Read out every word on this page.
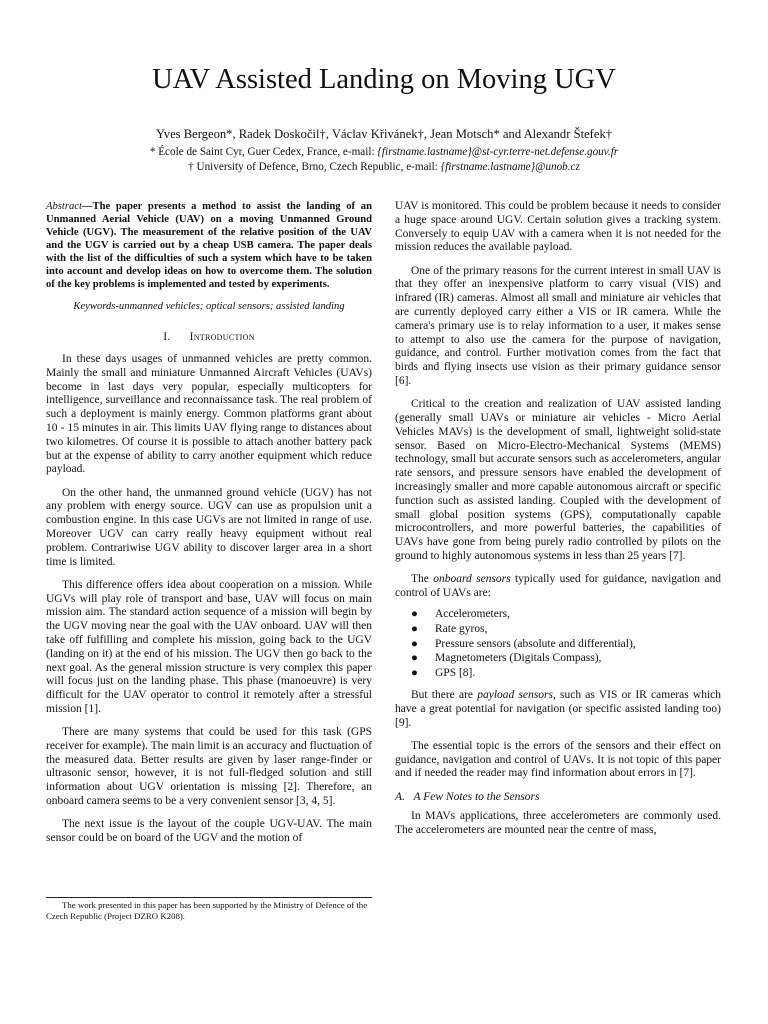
UAV Assisted Landing on Moving UGV
Yves Bergeon*, Radek Doskočil†, Václav Křivánek†, Jean Motsch* and Alexandr Štefek†
* École de Saint Cyr, Guer Cedex, France, e-mail: {firstname.lastname}@st-cyr.terre-net.defense.gouv.fr
† University of Defence, Brno, Czech Republic, e-mail: {firstname.lastname}@unob.cz

Abstract—The paper presents a method to assist the landing of an Unmanned Aerial Vehicle (UAV) on a moving Unmanned Ground Vehicle (UGV). The measurement of the relative position of the UAV and the UGV is carried out by a cheap USB camera. The paper deals with the list of the difficulties of such a system which have to be taken into account and develop ideas on how to overcome them. The solution of the key problems is implemented and tested by experiments.

Keywords-unmanned vehicles; optical sensors; assisted landing
I. Introduction

In these days usages of unmanned vehicles are pretty common. Mainly the small and miniature Unmanned Aircraft Vehicles (UAVs) become in last days very popular, especially multicopters for intelligence, surveillance and reconnaissance task. The real problem of such a deployment is mainly energy. Common platforms grant about 10 - 15 minutes in air. This limits UAV flying range to distances about two kilometres. Of course it is possible to attach another battery pack but at the expense of ability to carry another equipment which reduce payload.

On the other hand, the unmanned ground vehicle (UGV) has not any problem with energy source. UGV can use as propulsion unit a combustion engine. In this case UGVs are not limited in range of use. Moreover UGV can carry really heavy equipment without real problem. Contrariwise UGV ability to discover larger area in a short time is limited.

This difference offers idea about cooperation on a mission. While UGVs will play role of transport and base, UAV will focus on main mission aim. The standard action sequence of a mission will begin by the UGV moving near the goal with the UAV onboard. UAV will then take off fulfilling and complete his mission, going back to the UGV (landing on it) at the end of his mission. The UGV then go back to the next goal. As the general mission structure is very complex this paper will focus just on the landing phase. This phase (manoeuvre) is very difficult for the UAV operator to control it remotely after a stressful mission [1].

There are many systems that could be used for this task (GPS receiver for example). The main limit is an accuracy and fluctuation of the measured data. Better results are given by laser range-finder or ultrasonic sensor, however, it is not full-fledged solution and still information about UGV orientation is missing [2]. Therefore, an onboard camera seems to be a very convenient sensor [3, 4, 5].

The next issue is the layout of the couple UGV-UAV. The main sensor could be on board of the UGV and the motion of

The work presented in this paper has been supported by the Ministry of Defence of the Czech Republic (Project DZRO K208).

UAV is monitored. This could be problem because it needs to consider a huge space around UGV. Certain solution gives a tracking system. Conversely to equip UAV with a camera when it is not needed for the mission reduces the available payload.

One of the primary reasons for the current interest in small UAV is that they offer an inexpensive platform to carry visual (VIS) and infrared (IR) cameras. Almost all small and miniature air vehicles that are currently deployed carry either a VIS or IR camera. While the camera's primary use is to relay information to a user, it makes sense to attempt to also use the camera for the purpose of navigation, guidance, and control. Further motivation comes from the fact that birds and flying insects use vision as their primary guidance sensor [6].

Critical to the creation and realization of UAV assisted landing (generally small UAVs or miniature air vehicles - Micro Aerial Vehicles MAVs) is the development of small, lightweight solid-state sensor. Based on Micro-Electro-Mechanical Systems (MEMS) technology, small but accurate sensors such as accelerometers, angular rate sensors, and pressure sensors have enabled the development of increasingly smaller and more capable autonomous aircraft or specific function such as assisted landing. Coupled with the development of small global position systems (GPS), computationally capable microcontrollers, and more powerful batteries, the capabilities of UAVs have gone from being purely radio controlled by pilots on the ground to highly autonomous systems in less than 25 years [7].

The onboard sensors typically used for guidance, navigation and control of UAVs are:

● Accelerometers,
● Rate gyros,
● Pressure sensors (absolute and differential),
● Magnetometers (Digitals Compass),
● GPS [8].

But there are payload sensors, such as VIS or IR cameras which have a great potential for navigation (or specific assisted landing too) [9].

The essential topic is the errors of the sensors and their effect on guidance, navigation and control of UAVs. It is not topic of this paper and if needed the reader may find information about errors in [7].

A. A Few Notes to the Sensors

In MAVs applications, three accelerometers are commonly used. The accelerometers are mounted near the centre of mass,
